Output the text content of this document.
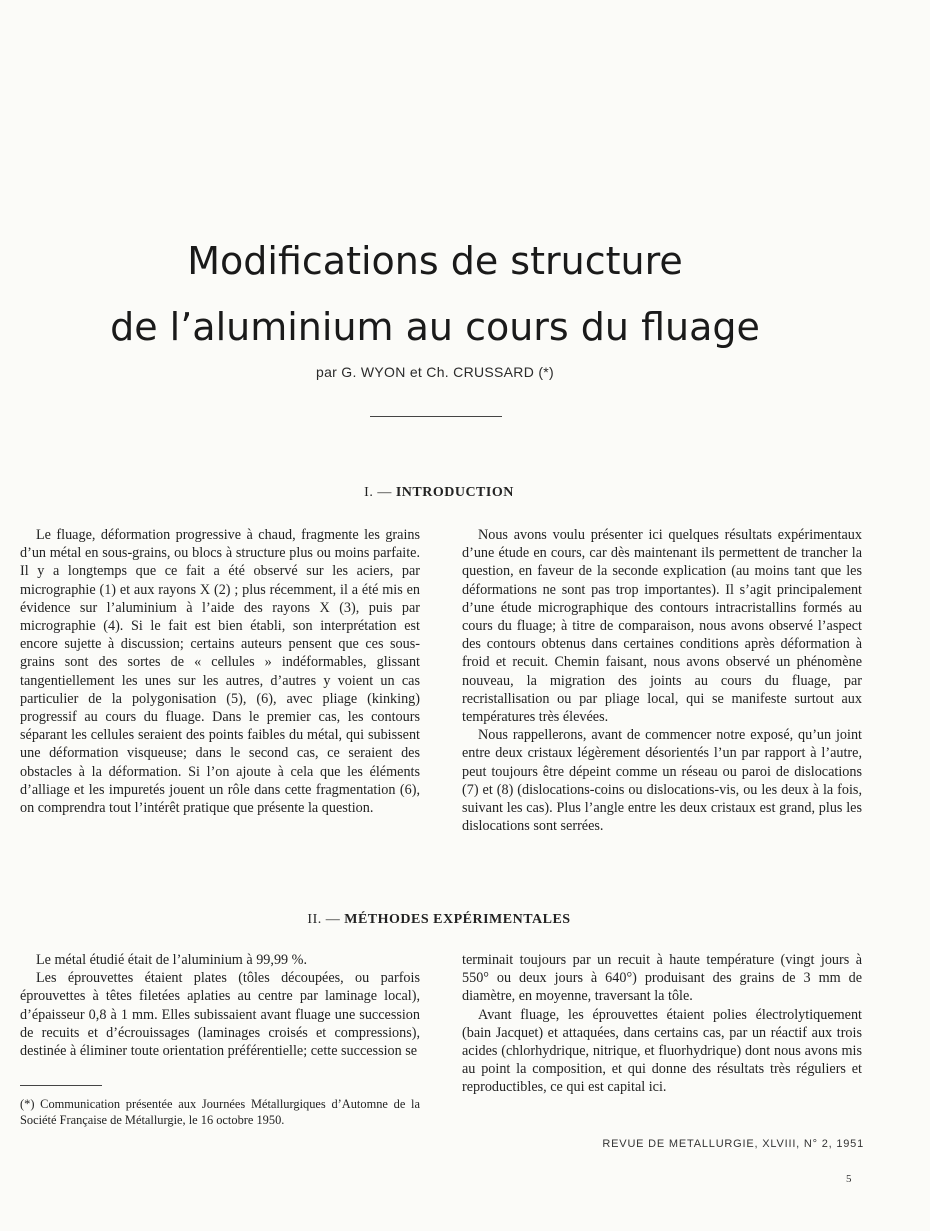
Modifications de structure
de l’aluminium au cours du fluage
par G. WYON et Ch. CRUSSARD (*)
I. — INTRODUCTION

Le fluage, déformation progressive à chaud, fragmente les grains d’un métal en sous-grains, ou blocs à structure plus ou moins parfaite. Il y a longtemps que ce fait a été observé sur les aciers, par micrographie (1) et aux rayons X (2) ; plus récemment, il a été mis en évidence sur l’aluminium à l’aide des rayons X (3), puis par micrographie (4). Si le fait est bien établi, son interprétation est encore sujette à discussion; certains auteurs pensent que ces sous-grains sont des sortes de « cellules » indéformables, glissant tangentiellement les unes sur les autres, d’autres y voient un cas particulier de la polygonisation (5), (6), avec pliage (kinking) progressif au cours du fluage. Dans le premier cas, les contours séparant les cellules seraient des points faibles du métal, qui subissent une déformation visqueuse; dans le second cas, ce seraient des obstacles à la déformation. Si l’on ajoute à cela que les éléments d’alliage et les impuretés jouent un rôle dans cette fragmentation (6), on comprendra tout l’intérêt pratique que présente la question.

Nous avons voulu présenter ici quelques résultats expérimentaux d’une étude en cours, car dès maintenant ils permettent de trancher la question, en faveur de la seconde explication (au moins tant que les déformations ne sont pas trop importantes). Il s’agit principalement d’une étude micrographique des contours intracristallins formés au cours du fluage; à titre de comparaison, nous avons observé l’aspect des contours obtenus dans certaines conditions après déformation à froid et recuit. Chemin faisant, nous avons observé un phénomène nouveau, la migration des joints au cours du fluage, par recristallisation ou par pliage local, qui se manifeste surtout aux températures très élevées.

Nous rappellerons, avant de commencer notre exposé, qu’un joint entre deux cristaux légèrement désorientés l’un par rapport à l’autre, peut toujours être dépeint comme un réseau ou paroi de dislocations (7) et (8) (dislocations-coins ou dislocations-vis, ou les deux à la fois, suivant les cas). Plus l’angle entre les deux cristaux est grand, plus les dislocations sont serrées.

II. — MÉTHODES EXPÉRIMENTALES

Le métal étudié était de l’aluminium à 99,99 %.

Les éprouvettes étaient plates (tôles découpées, ou parfois éprouvettes à têtes filetées aplaties au centre par laminage local), d’épaisseur 0,8 à 1 mm. Elles subissaient avant fluage une succession de recuits et d’écrouissages (laminages croisés et compressions), destinée à éliminer toute orientation préférentielle; cette succession se

terminait toujours par un recuit à haute température (vingt jours à 550° ou deux jours à 640°) produisant des grains de 3 mm de diamètre, en moyenne, traversant la tôle.

Avant fluage, les éprouvettes étaient polies électrolytiquement (bain Jacquet) et attaquées, dans certains cas, par un réactif aux trois acides (chlorhydrique, nitrique, et fluorhydrique) dont nous avons mis au point la composition, et qui donne des résultats très réguliers et reproductibles, ce qui est capital ici.

(*) Communication présentée aux Journées Métallurgiques d’Automne de la Société Française de Métallurgie, le 16 octobre 1950.

REVUE DE METALLURGIE, XLVIII, N° 2, 1951
5
